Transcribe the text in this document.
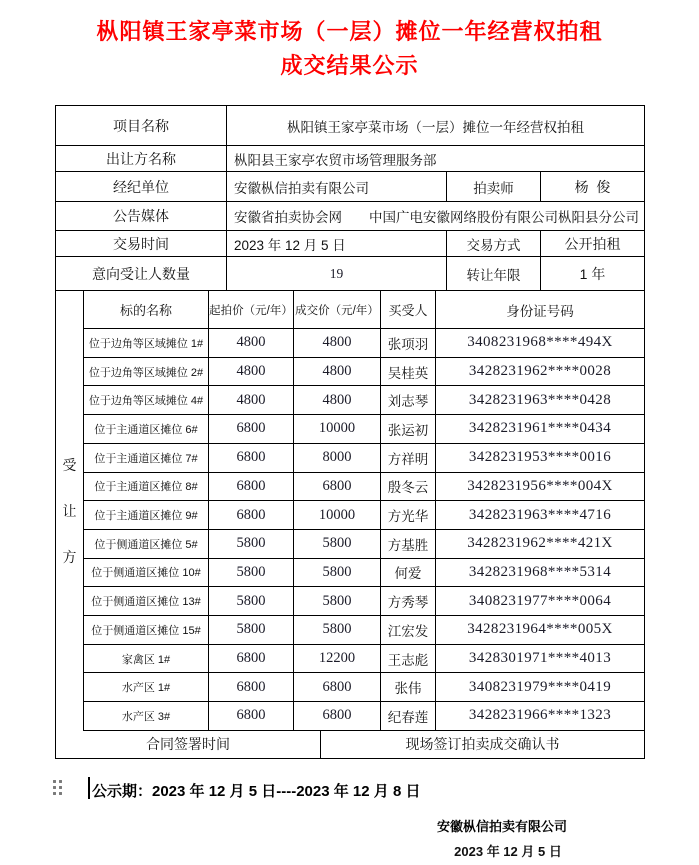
枞阳镇王家亭菜市场（一层）摊位一年经营权拍租
成交结果公示
项目名称	枞阳镇王家亭菜市场（一层）摊位一年经营权拍租
出让方名称	枞阳县王家亭农贸市场管理服务部
经纪单位	安徽枞信拍卖有限公司	拍卖师	杨  俊
公告媒体	安徽省拍卖协会网　　中国广电安徽网络股份有限公司枞阳县分公司
交易时间	2023 年 12 月 5 日	交易方式	公开拍租
意向受让人数量	19	转让年限	1 年
受
让
方
标的名称	起拍价（元/年） 成交价（元/年） 买受人	身份证号码
位于边角等区域摊位 1#	4800	4800	张项羽	3408231968****494X
位于边角等区域摊位 2#	4800	4800	吴桂英	3428231962****0028
位于边角等区域摊位 4#	4800	4800	刘志琴	3428231963****0428
位于主通道区摊位 6#	6800	10000	张运初	3428231961****0434
位于主通道区摊位 7#	6800	8000	方祥明	3428231953****0016
位于主通道区摊位 8#	6800	6800	殷冬云	3428231956****004X
位于主通道区摊位 9#	6800	10000	方光华	3428231963****4716
位于侧通道区摊位 5#	5800	5800	方基胜	3428231962****421X
位于侧通道区摊位 10#	5800	5800	何爱	3428231968****5314
位于侧通道区摊位 13#	5800	5800	方秀琴	3408231977****0064
位于侧通道区摊位 15#	5800	5800	江宏发	3428231964****005X
家禽区 1#	6800	12200	王志彪	3428301971****4013
水产区 1#	6800	6800	张伟	3408231979****0419
水产区 3#	6800	6800	纪春莲	3428231966****1323
合同签署时间	现场签订拍卖成交确认书
公示期：2023 年 12 月 5 日----2023 年 12 月 8 日
安徽枞信拍卖有限公司
2023 年 12 月 5 日
